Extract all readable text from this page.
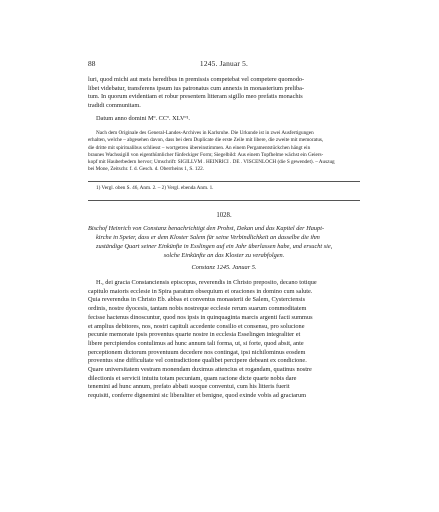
88	1245. Januar 5.

luri, quod michi aut meis heredibus in premissis competebat vel competere quomodo-

libet videbatur, transferens ipsum ius patronatus cum annexis in monasterium preliba-

tum. In quorum evidentiam et robur presentem litteram sigillo meo prefatis monachis

tradidi communitam.

Datum anno domini Mº. CCº. XLVº¹.

Nach dem Originale des General-Landes-Archives in Karlsruhe. Die Urkunde ist in zwei Ausfertigungen

erhalten, welche – abgesehen davon, dass bei dem Duplicate die erste Zeile mit libere, die zweite mit memoratus,

die dritte mit spiritualibus schliesst – wortgetreu übereinstimmen. An einem Pergamentstückchen hängt ein

braunes Wachssigill von eigenthümlicher fünfeckiger Form; Siegelbild: Aus einem Topfhelme wächst ein Geiers-

kopf mit Hauberbedern hervor; Umschrift: SIGILLVM . HEINRICI . DE . VISCENLOCH (die S gewendet). – Auszug

bei Mone, Zeitschr. f. d. Gesch. d. Oberrheins 1, S. 122.

1) Vergl. oben S. 46, Anm. 2. – 2) Vergl. ebenda Anm. 1.

1028.

Bischof Heinrich von Constanz benachrichtigt den Probst, Dekan und das Kapitel der Haupt-

kirche in Speier, dass er dem Kloster Salem für seine Verbindlichkeit an dasselbe die ihm

zuständige Quart seiner Einkünfte in Esslingen auf ein Jahr überlassen habe, und ersucht sie,

solche Einkünfte an das Kloster zu verabfolgen.

Constanz 1245. Januar 5.

H., dei gracia Constanciensis episcopus, reverendis in Christo preposito, decano totique

capitulo maioris ecclesie in Spira paratum obsequium et oraciones in domino cum salute.

Quia reverendus in Christo Eb. abbas et conventus monasterii de Salem, Cysterciensis

ordinis, nostre dyocesis, tantam nobis nostreque ecclesie rerum suarum commoditatem

fecisse hactenus dinoscuntur, quod nos ipsis in quinquaginta marcis argenti facti summus

et amplius debitores, nos, nostri capituli accedente consilio et consensu, pro solucione

pecunie memorate ipsis proventus quarte nostre in ecclesia Esselingen integraliter et

libere percipiendos contulimus ad hunc annum tali forma, ut, si forte, quod absit, ante

perceptionem dictorum proventuum decedere nos contingat, ipsi nichilominus eosdem

proventus sine difficultate vel contradictione qualibet percipere debeant ex condicione.

Quare universitatem vestram monendam duximus attencius et rogandam, quatinus nostre

dilectionis et servicii intuitu totam pecuniam, quam racione dicte quarte nobis dare

tenemini ad hunc annum, prefato abbati suoque conventui, cum his litteris fuerit

requisiti, conferre dignemini sic liberaliter et benigne, quod exinde vobis ad graciarum
